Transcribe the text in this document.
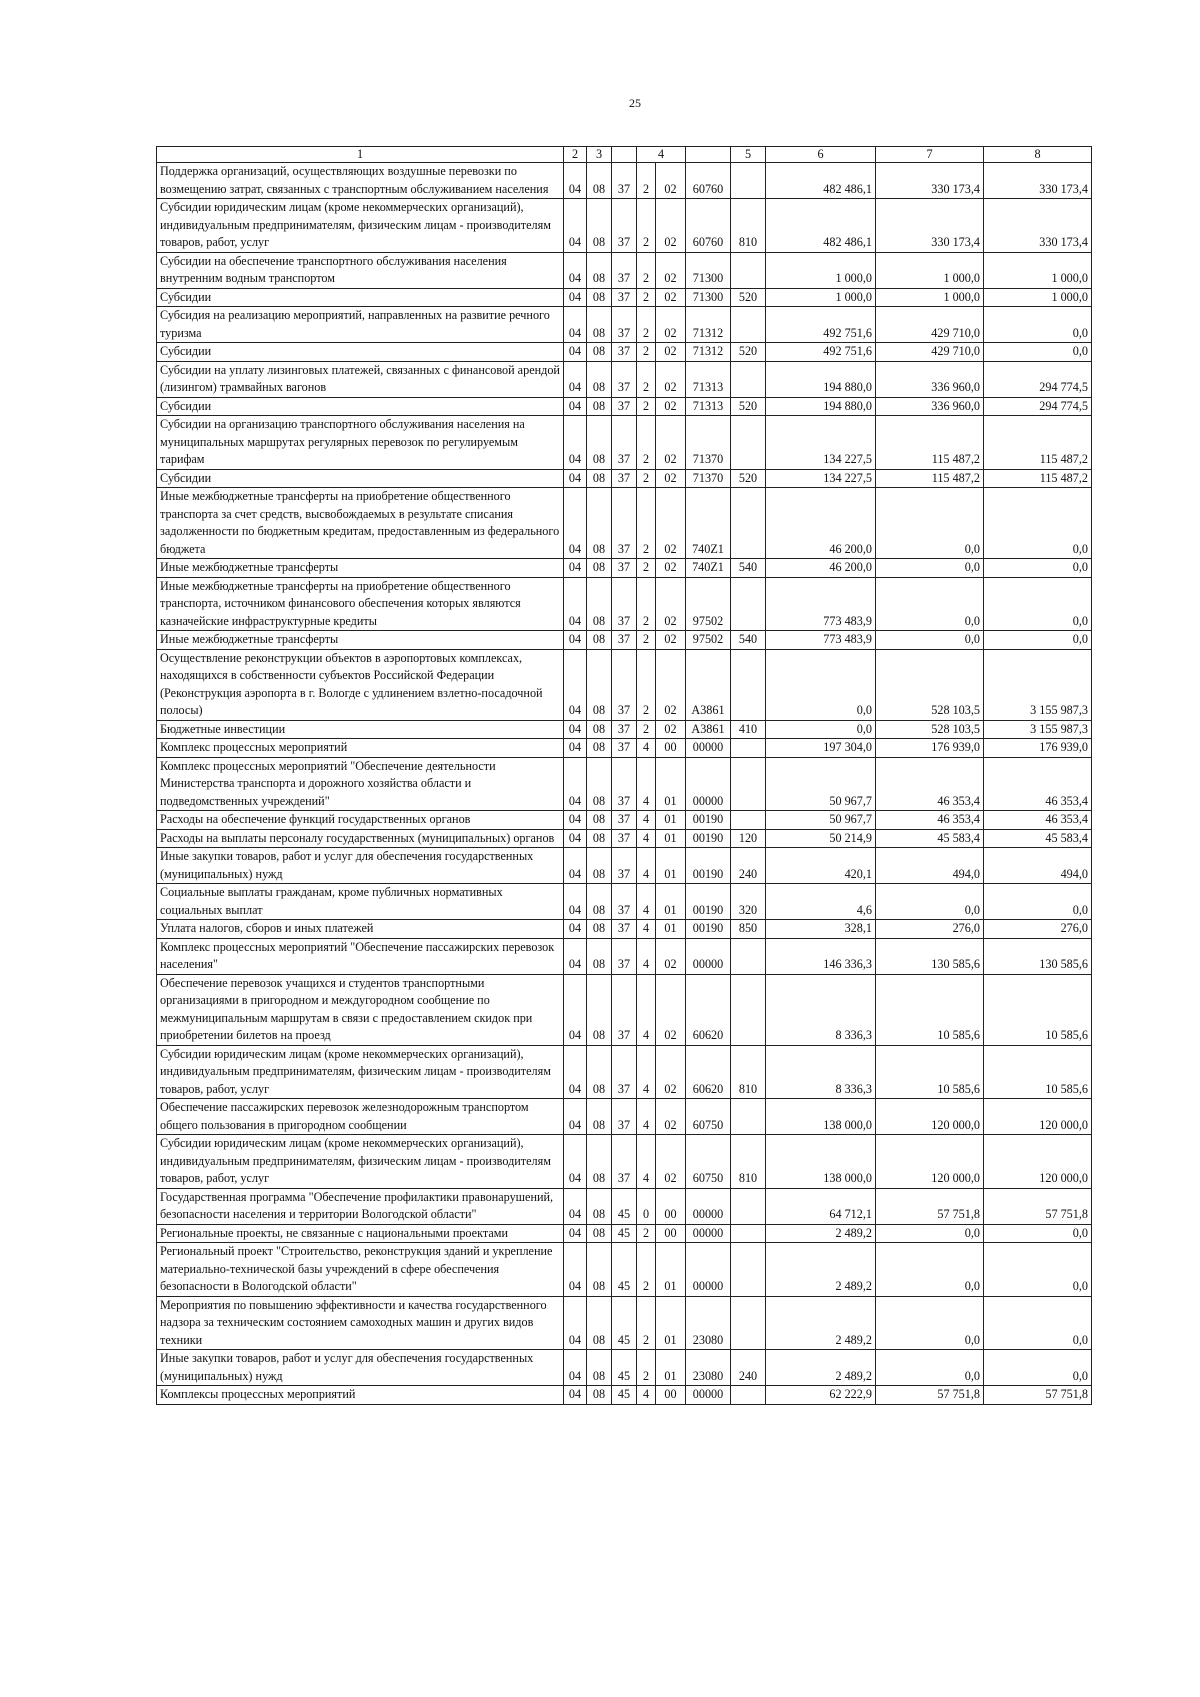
25
1	2	3		4			5	6	7	8
Поддержка организаций, осуществляющих воздушные перевозки по возмещению затрат, связанных с транспортным обслуживанием населения	04	08	37	2	02	60760		482 486,1	330 173,4	330 173,4
Субсидии юридическим лицам (кроме некоммерческих организаций), индивидуальным предпринимателям, физическим лицам - производителям товаров, работ, услуг	04	08	37	2	02	60760	810	482 486,1	330 173,4	330 173,4
Субсидии на обеспечение транспортного обслуживания населения внутренним водным транспортом	04	08	37	2	02	71300		1 000,0	1 000,0	1 000,0
Субсидии	04	08	37	2	02	71300	520	1 000,0	1 000,0	1 000,0
Субсидия на реализацию мероприятий, направленных на развитие речного туризма	04	08	37	2	02	71312		492 751,6	429 710,0	0,0
Субсидии	04	08	37	2	02	71312	520	492 751,6	429 710,0	0,0
Субсидии на уплату лизинговых платежей, связанных с финансовой арендой (лизингом) трамвайных вагонов	04	08	37	2	02	71313		194 880,0	336 960,0	294 774,5
Субсидии	04	08	37	2	02	71313	520	194 880,0	336 960,0	294 774,5
Субсидии на организацию транспортного обслуживания населения на муниципальных маршрутах регулярных перевозок по регулируемым тарифам	04	08	37	2	02	71370		134 227,5	115 487,2	115 487,2
Субсидии	04	08	37	2	02	71370	520	134 227,5	115 487,2	115 487,2
Иные межбюджетные трансферты на приобретение общественного транспорта за счет средств, высвобождаемых в результате списания задолженности по бюджетным кредитам, предоставленным из федерального бюджета	04	08	37	2	02	740Z1		46 200,0	0,0	0,0
Иные межбюджетные трансферты	04	08	37	2	02	740Z1	540	46 200,0	0,0	0,0
Иные межбюджетные трансферты на приобретение общественного транспорта, источником финансового обеспечения которых являются казначейские инфраструктурные кредиты	04	08	37	2	02	97502		773 483,9	0,0	0,0
Иные межбюджетные трансферты	04	08	37	2	02	97502	540	773 483,9	0,0	0,0
Осуществление реконструкции объектов в аэропортовых комплексах, находящихся в собственности субъектов Российской Федерации (Реконструкция аэропорта в г. Вологде с удлинением взлетно-посадочной полосы)	04	08	37	2	02	А3861		0,0	528 103,5	3 155 987,3
Бюджетные инвестиции	04	08	37	2	02	А3861	410	0,0	528 103,5	3 155 987,3
Комплекс процессных мероприятий	04	08	37	4	00	00000		197 304,0	176 939,0	176 939,0
Комплекс процессных мероприятий "Обеспечение деятельности Министерства транспорта и дорожного хозяйства области и подведомственных учреждений"	04	08	37	4	01	00000		50 967,7	46 353,4	46 353,4
Расходы на обеспечение функций государственных органов	04	08	37	4	01	00190		50 967,7	46 353,4	46 353,4
Расходы на выплаты персоналу государственных (муниципальных) органов	04	08	37	4	01	00190	120	50 214,9	45 583,4	45 583,4
Иные закупки товаров, работ и услуг для обеспечения государственных (муниципальных) нужд	04	08	37	4	01	00190	240	420,1	494,0	494,0
Социальные выплаты гражданам, кроме публичных нормативных социальных выплат	04	08	37	4	01	00190	320	4,6	0,0	0,0
Уплата налогов, сборов и иных платежей	04	08	37	4	01	00190	850	328,1	276,0	276,0
Комплекс процессных мероприятий "Обеспечение пассажирских перевозок населения"	04	08	37	4	02	00000		146 336,3	130 585,6	130 585,6
Обеспечение перевозок учащихся и студентов транспортными организациями в пригородном и междугородном сообщение по межмуниципальным маршрутам в связи с предоставлением скидок при приобретении билетов на проезд	04	08	37	4	02	60620		8 336,3	10 585,6	10 585,6
Субсидии юридическим лицам (кроме некоммерческих организаций), индивидуальным предпринимателям, физическим лицам - производителям товаров, работ, услуг	04	08	37	4	02	60620	810	8 336,3	10 585,6	10 585,6
Обеспечение пассажирских перевозок железнодорожным транспортом общего пользования в пригородном сообщении	04	08	37	4	02	60750		138 000,0	120 000,0	120 000,0
Субсидии юридическим лицам (кроме некоммерческих организаций), индивидуальным предпринимателям, физическим лицам - производителям товаров, работ, услуг	04	08	37	4	02	60750	810	138 000,0	120 000,0	120 000,0
Государственная программа "Обеспечение профилактики правонарушений, безопасности населения и территории Вологодской области"	04	08	45	0	00	00000		64 712,1	57 751,8	57 751,8
Региональные проекты, не связанные с национальными проектами	04	08	45	2	00	00000		2 489,2	0,0	0,0
Региональный проект "Строительство, реконструкция зданий и укрепление материально-технической базы учреждений в сфере обеспечения безопасности в Вологодской области"	04	08	45	2	01	00000		2 489,2	0,0	0,0
Мероприятия по повышению эффективности и качества государственного надзора за техническим состоянием самоходных машин и других видов техники	04	08	45	2	01	23080		2 489,2	0,0	0,0
Иные закупки товаров, работ и услуг для обеспечения государственных (муниципальных) нужд	04	08	45	2	01	23080	240	2 489,2	0,0	0,0
Комплексы процессных мероприятий	04	08	45	4	00	00000		62 222,9	57 751,8	57 751,8
